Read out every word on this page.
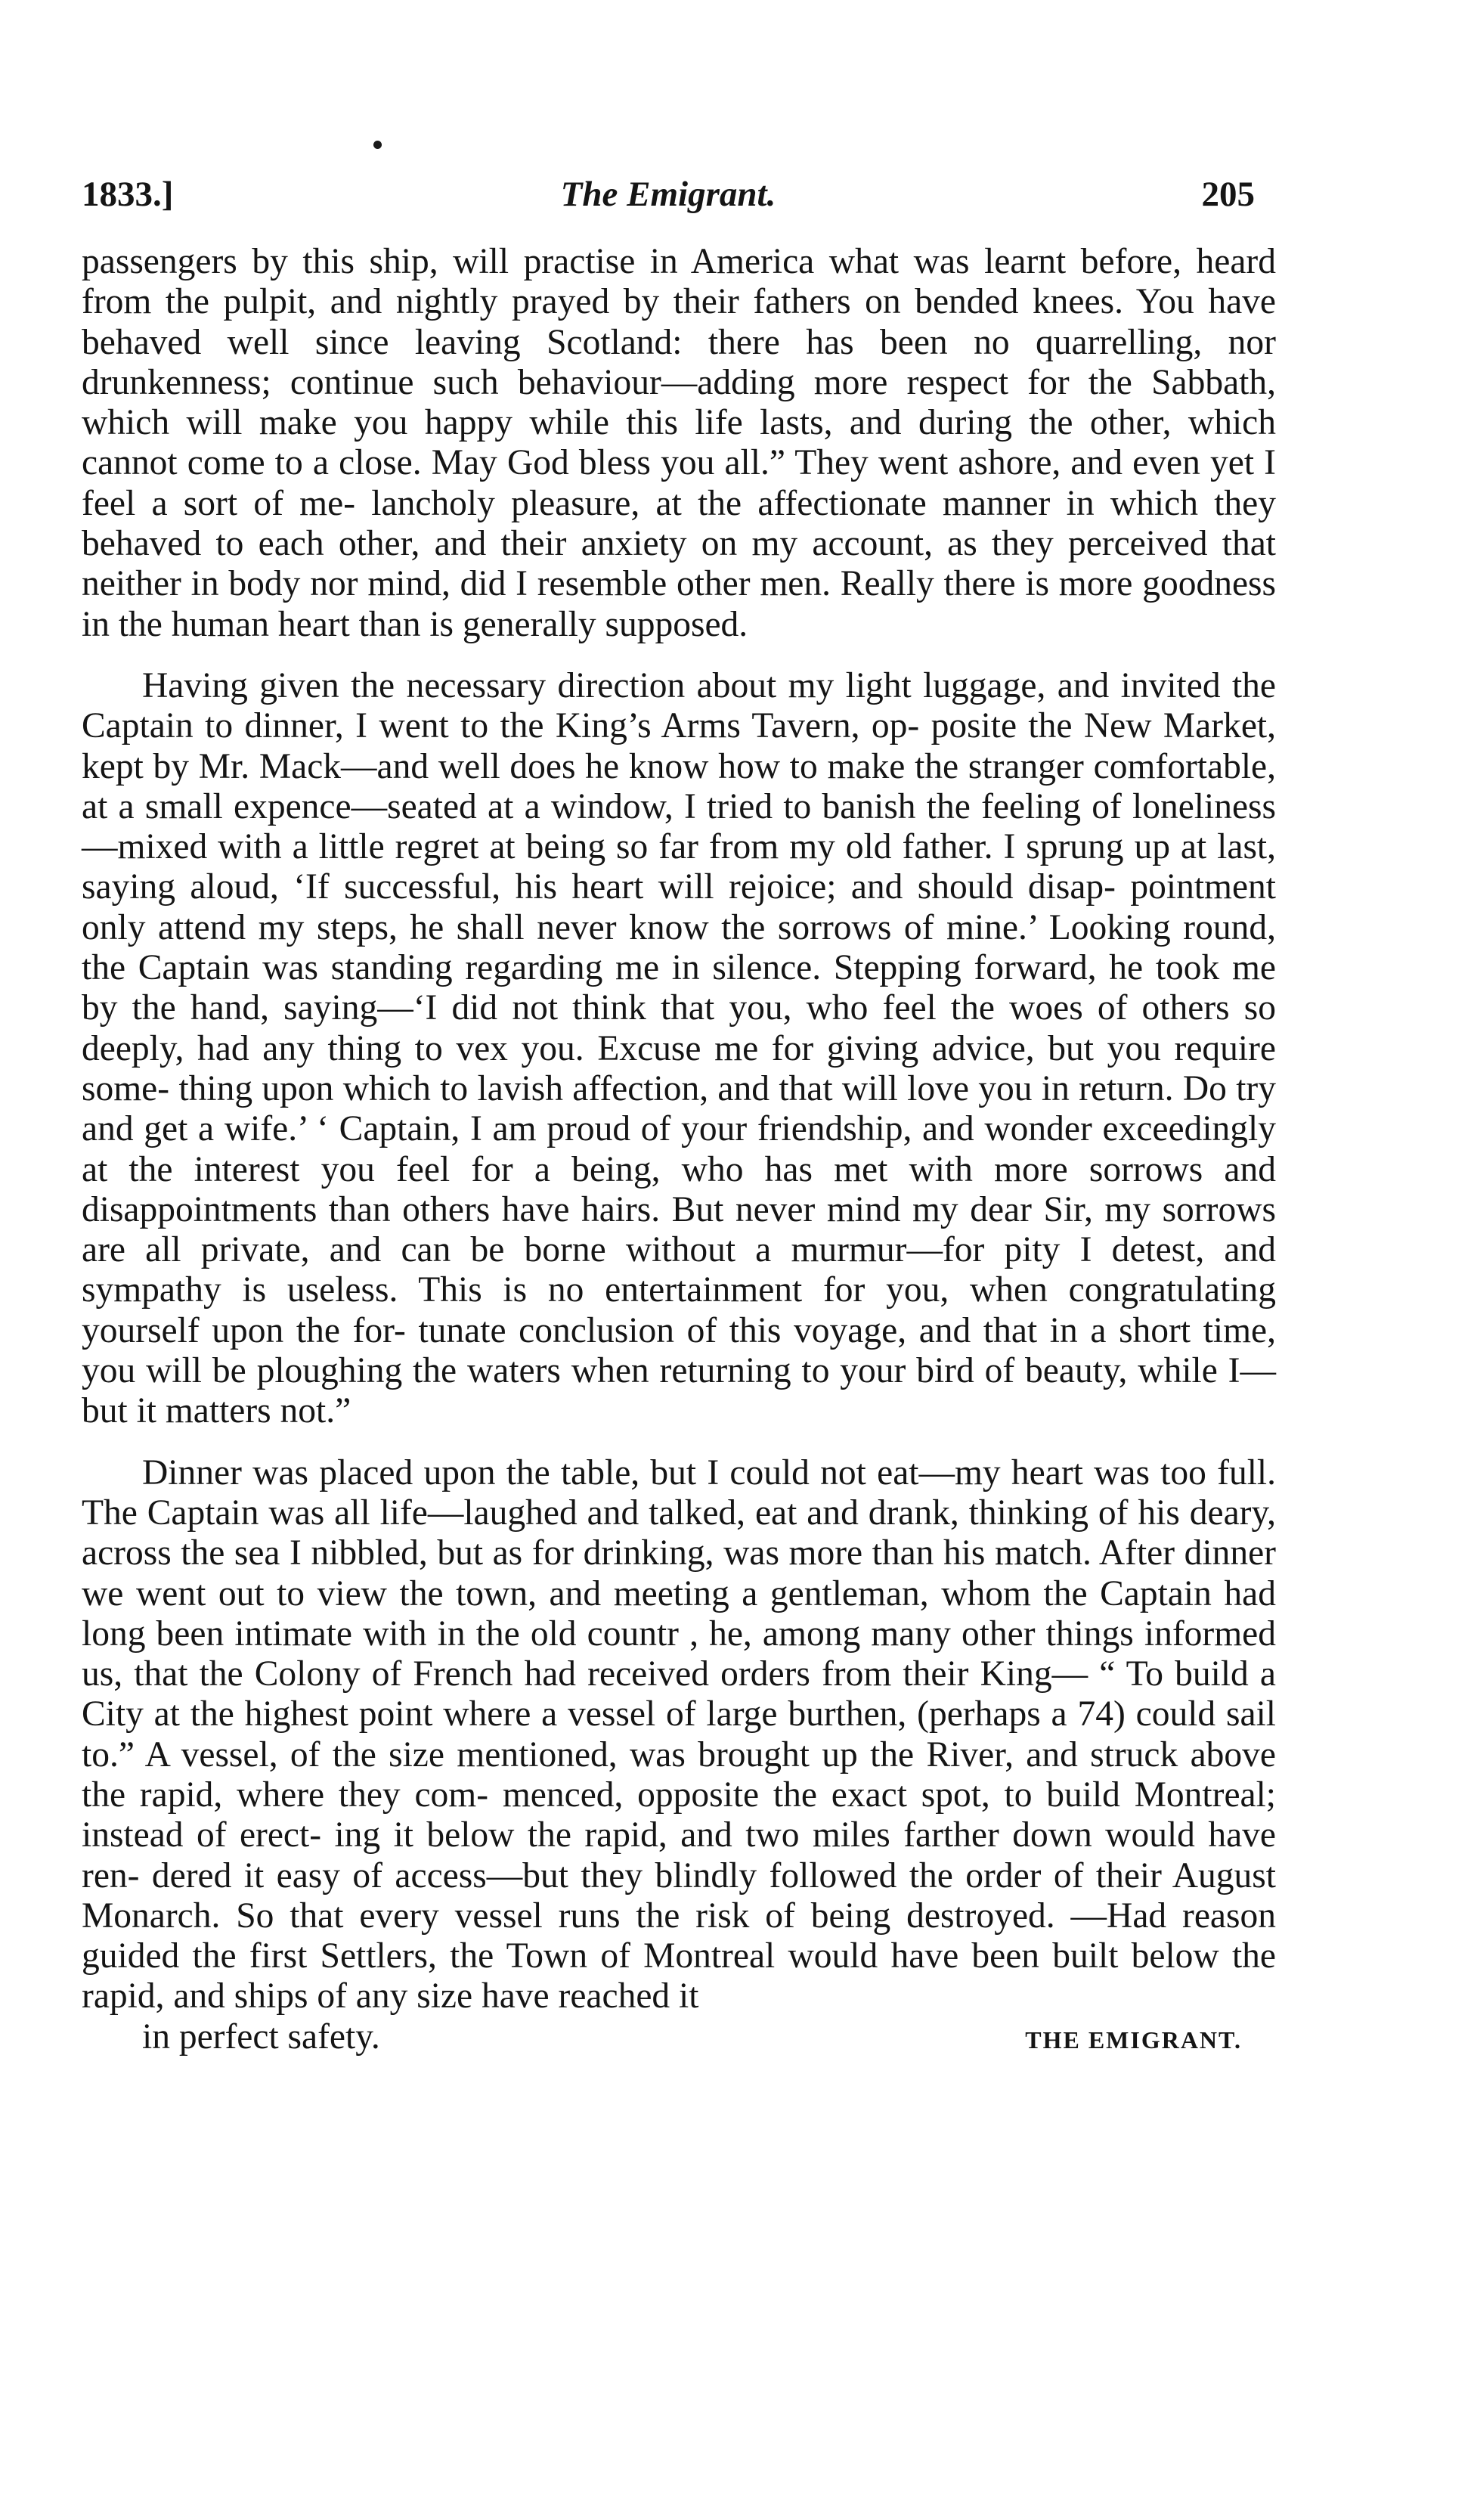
1833.]	The Emigrant.	205

passengers by this ship, will practise in America what was learnt before, heard from the pulpit, and nightly prayed by their fathers on bended knees. You have behaved well since leaving Scotland: there has been no quarrelling, nor drunkenness; continue such behaviour—adding more respect for the Sabbath, which will make you happy while this life lasts, and during the other, which cannot come to a close. May God bless you all.” They went ashore, and even yet I feel a sort of me- lancholy pleasure, at the affectionate manner in which they behaved to each other, and their anxiety on my account, as they perceived that neither in body nor mind, did I resemble other men. Really there is more goodness in the human heart than is generally supposed.

Having given the necessary direction about my light luggage, and invited the Captain to dinner, I went to the King’s Arms Tavern, op- posite the New Market, kept by Mr. Mack—and well does he know how to make the stranger comfortable, at a small expence—seated at a window, I tried to banish the feeling of loneliness—mixed with a little regret at being so far from my old father. I sprung up at last, saying aloud, ‘If successful, his heart will rejoice; and should disap- pointment only attend my steps, he shall never know the sorrows of mine.’ Looking round, the Captain was standing regarding me in silence. Stepping forward, he took me by the hand, saying—‘I did not think that you, who feel the woes of others so deeply, had any thing to vex you. Excuse me for giving advice, but you require some- thing upon which to lavish affection, and that will love you in return. Do try and get a wife.’ ‘ Captain, I am proud of your friendship, and wonder exceedingly at the interest you feel for a being, who has met with more sorrows and disappointments than others have hairs. But never mind my dear Sir, my sorrows are all private, and can be borne without a murmur—for pity I detest, and sympathy is useless. This is no entertainment for you, when congratulating yourself upon the for- tunate conclusion of this voyage, and that in a short time, you will be ploughing the waters when returning to your bird of beauty, while I— but it matters not.”

Dinner was placed upon the table, but I could not eat—my heart was too full. The Captain was all life—laughed and talked, eat and drank, thinking of his deary, across the sea I nibbled, but as for drinking, was more than his match. After dinner we went out to view the town, and meeting a gentleman, whom the Captain had long been intimate with in the old countr , he, among many other things informed us, that the Colony of French had received orders from their King— “ To build a City at the highest point where a vessel of large burthen, (perhaps a 74) could sail to.” A vessel, of the size mentioned, was brought up the River, and struck above the rapid, where they com- menced, opposite the exact spot, to build Montreal; instead of erect- ing it below the rapid, and two miles farther down would have ren- dered it easy of access—but they blindly followed the order of their August Monarch. So that every vessel runs the risk of being destroyed. —Had reason guided the first Settlers, the Town of Montreal would have been built below the rapid, and ships of any size have reached it
in perfect safety.	THE EMIGRANT.
